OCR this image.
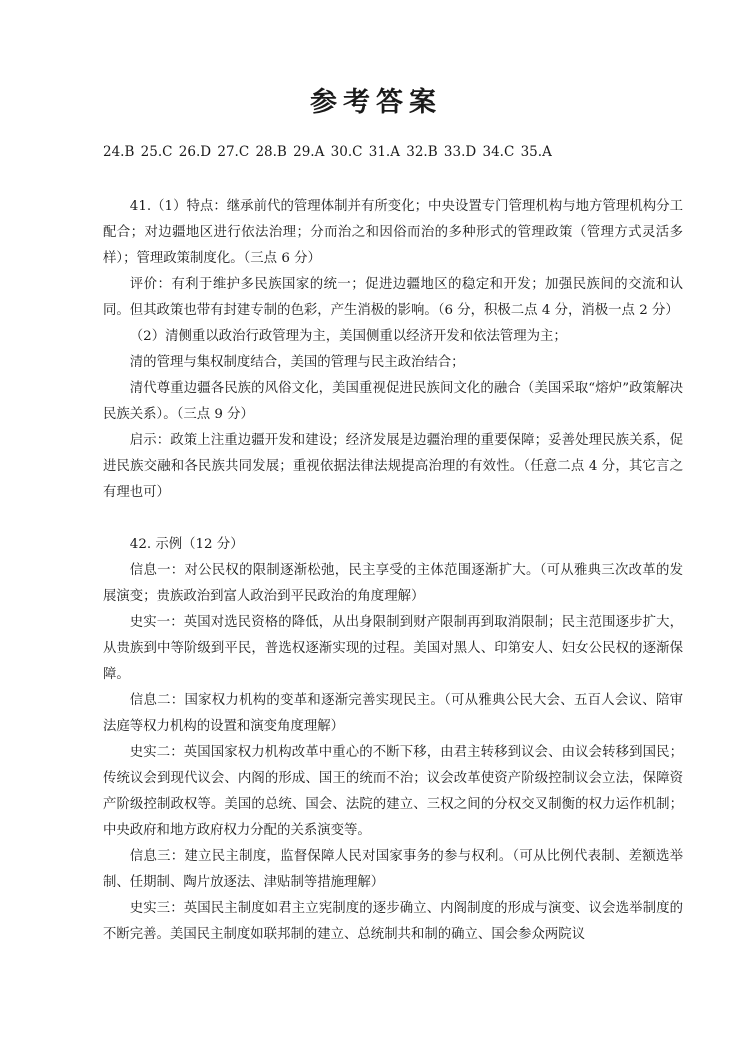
参考答案
24.B 25.C 26.D 27.C 28.B 29.A 30.C 31.A 32.B 33.D 34.C 35.A

41.（1）特点：继承前代的管理体制并有所变化；中央设置专门管理机构与地方管理机构分工配合；对边疆地区进行依法治理；分而治之和因俗而治的多种形式的管理政策（管理方式灵活多样）；管理政策制度化。（三点 6 分）

评价：有利于维护多民族国家的统一；促进边疆地区的稳定和开发；加强民族间的交流和认同。但其政策也带有封建专制的色彩，产生消极的影响。（6 分，积极二点 4 分，消极一点 2 分）

（2）清侧重以政治行政管理为主，美国侧重以经济开发和依法管理为主；

清的管理与集权制度结合，美国的管理与民主政治结合；

清代尊重边疆各民族的风俗文化，美国重视促进民族间文化的融合（美国采取“熔炉”政策解决民族关系）。（三点 9 分）

启示：政策上注重边疆开发和建设；经济发展是边疆治理的重要保障；妥善处理民族关系，促进民族交融和各民族共同发展；重视依据法律法规提高治理的有效性。（任意二点 4 分，其它言之有理也可）

42. 示例（12 分）

信息一：对公民权的限制逐渐松弛，民主享受的主体范围逐渐扩大。（可从雅典三次改革的发展演变；贵族政治到富人政治到平民政治的角度理解）

史实一：英国对选民资格的降低，从出身限制到财产限制再到取消限制；民主范围逐步扩大，从贵族到中等阶级到平民，普选权逐渐实现的过程。美国对黑人、印第安人、妇女公民权的逐渐保障。

信息二：国家权力机构的变革和逐渐完善实现民主。（可从雅典公民大会、五百人会议、陪审法庭等权力机构的设置和演变角度理解）

史实二：英国国家权力机构改革中重心的不断下移，由君主转移到议会、由议会转移到国民；传统议会到现代议会、内阁的形成、国王的统而不治；议会改革使资产阶级控制议会立法，保障资产阶级控制政权等。美国的总统、国会、法院的建立、三权之间的分权交叉制衡的权力运作机制；中央政府和地方政府权力分配的关系演变等。

信息三：建立民主制度，监督保障人民对国家事务的参与权利。（可从比例代表制、差额选举制、任期制、陶片放逐法、津贴制等措施理解）

史实三：英国民主制度如君主立宪制度的逐步确立、内阁制度的形成与演变、议会选举制度的不断完善。美国民主制度如联邦制的建立、总统制共和制的确立、国会参众两院议
